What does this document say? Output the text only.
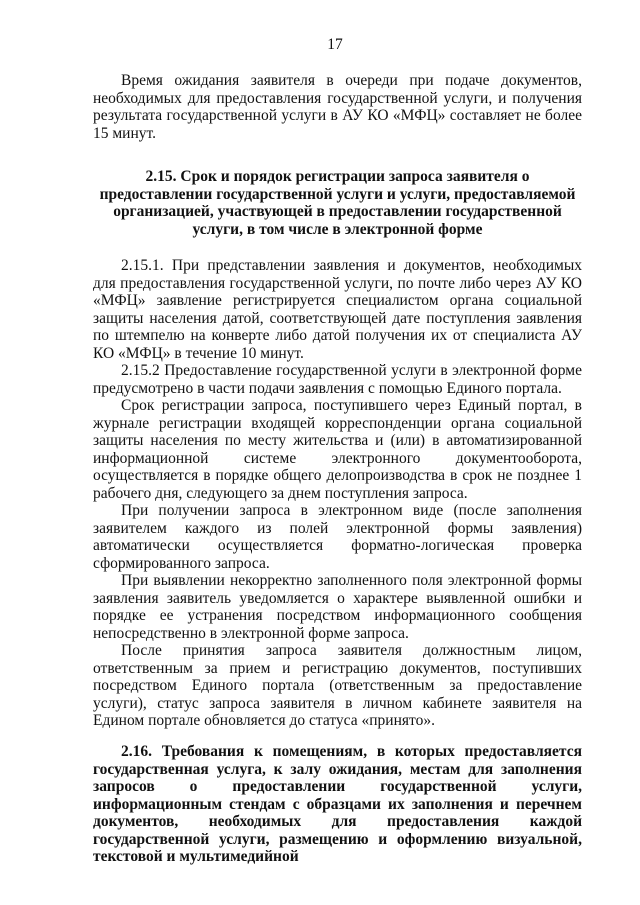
17

Время ожидания заявителя в очереди при подаче документов, необходимых для предоставления государственной услуги, и получения результата государственной услуги в АУ КО «МФЦ» составляет не более 15 минут.

2.15. Срок и порядок регистрации запроса заявителя о предоставлении государственной услуги и услуги, предоставляемой организацией, участвующей в предоставлении государственной услуги, в том числе в электронной форме

2.15.1. При представлении заявления и документов, необходимых для предоставления государственной услуги, по почте либо через АУ КО «МФЦ» заявление регистрируется специалистом органа социальной защиты населения датой, соответствующей дате поступления заявления по штемпелю на конверте либо датой получения их от специалиста АУ КО «МФЦ» в течение 10 минут.

2.15.2 Предоставление государственной услуги в электронной форме предусмотрено в части подачи заявления с помощью Единого портала.

Срок регистрации запроса, поступившего через Единый портал, в журнале регистрации входящей корреспонденции органа социальной защиты населения по месту жительства и (или) в автоматизированной информационной системе электронного документооборота, осуществляется в порядке общего делопроизводства в срок не позднее 1 рабочего дня, следующего за днем поступления запроса.

При получении запроса в электронном виде (после заполнения заявителем каждого из полей электронной формы заявления) автоматически осуществляется форматно-логическая проверка сформированного запроса.

При выявлении некорректно заполненного поля электронной формы заявления заявитель уведомляется о характере выявленной ошибки и порядке ее устранения посредством информационного сообщения непосредственно в электронной форме запроса.

После принятия запроса заявителя должностным лицом, ответственным за прием и регистрацию документов, поступивших посредством Единого портала (ответственным за предоставление услуги), статус запроса заявителя в личном кабинете заявителя на Едином портале обновляется до статуса «принято».

2.16. Требования к помещениям, в которых предоставляется государственная услуга, к залу ожидания, местам для заполнения запросов о предоставлении государственной услуги, информационным стендам с образцами их заполнения и перечнем документов, необходимых для предоставления каждой государственной услуги, размещению и оформлению визуальной, текстовой и мультимедийной
